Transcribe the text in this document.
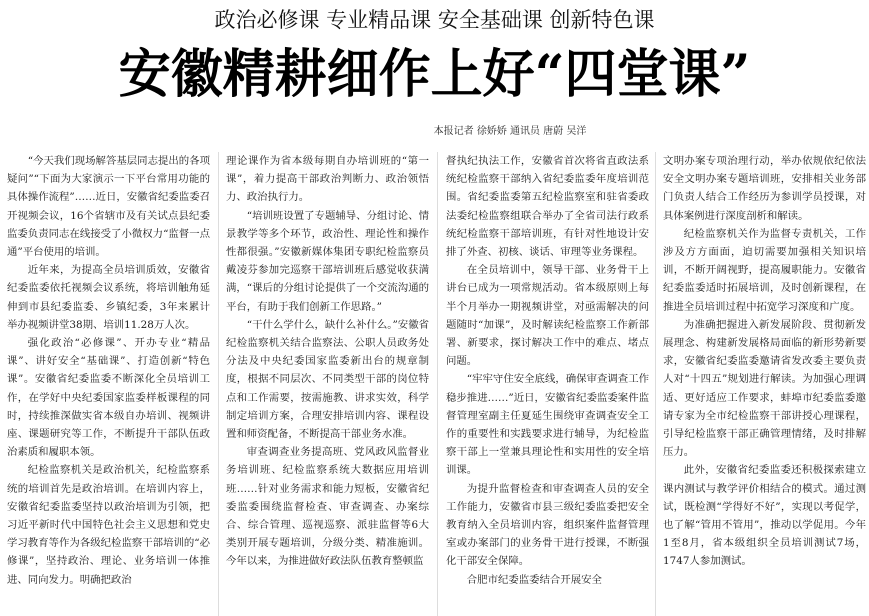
政治必修课 专业精品课 安全基础课 创新特色课
安徽精耕细作上好“四堂课”
本报记者 徐娇娇 通讯员 唐蔚 吴洋

“今天我们现场解答基层同志提出的各项疑问”“下面为大家演示一下平台常用功能的具体操作流程”……近日，安徽省纪委监委召开视频会议，16个省辖市及有关试点县纪委监委负责同志在线接受了小微权力“监督一点通”平台使用的培训。

近年来，为提高全员培训质效，安徽省纪委监委依托视频会议系统，将培训触角延伸到市县纪委监委、乡镇纪委，3年来累计举办视频讲堂38期、培训11.28万人次。

强化政治“必修课”、开办专业“精品课”、讲好安全“基础课”、打造创新“特色课”。安徽省纪委监委不断深化全员培训工作，在学好中央纪委国家监委样板课程的同时，持续推深做实省本级自办培训、视频讲座、课题研究等工作，不断提升干部队伍政治素质和履职本领。

纪检监察机关是政治机关，纪检监察系统的培训首先是政治培训。在培训内容上，安徽省纪委监委坚持以政治培训为引领，把习近平新时代中国特色社会主义思想和党史学习教育等作为各级纪检监察干部培训的“必修课”，坚持政治、理论、业务培训一体推进、同向发力。明确把政治

理论课作为省本级每期自办培训班的“第一课”，着力提高干部政治判断力、政治领悟力、政治执行力。

“培训班设置了专题辅导、分组讨论、情景教学等多个环节，政治性、理论性和操作性都很强。”安徽新媒体集团专职纪检监察员戴凌芬参加完巡察干部培训班后感觉收获满满，“课后的分组讨论提供了一个交流沟通的平台，有助于我们创新工作思路。”

“干什么学什么，缺什么补什么。”安徽省纪检监察机关结合监察法、公职人员政务处分法及中央纪委国家监委新出台的规章制度，根据不同层次、不同类型干部的岗位特点和工作需要，按需施教、讲求实效，科学制定培训方案，合理安排培训内容、课程设置和师资配备，不断提高干部业务水准。

审查调查业务提高班、党风政风监督业务培训班、纪检监察系统大数据应用培训班……针对业务需求和能力短板，安徽省纪委监委围绕监督检查、审查调查、办案综合、综合管理、巡视巡察、派驻监督等6大类别开展专题培训，分级分类、精准施训。今年以来，为推进做好政法队伍教育整顿监

督执纪执法工作，安徽省首次将省直政法系统纪检监察干部纳入省纪委监委年度培训范围。省纪委监委第五纪检监察室和驻省委政法委纪检监察组联合举办了全省司法行政系统纪检监察干部培训班，有针对性地设计安排了外查、初核、谈话、审理等业务课程。

在全员培训中，领导干部、业务骨干上讲台已成为一项常规活动。省本级原则上每半个月举办一期视频讲堂，对亟需解决的问题随时“加课”，及时解读纪检监察工作新部署、新要求，探讨解决工作中的难点、堵点问题。

“牢牢守住安全底线，确保审查调查工作稳步推进……”近日，安徽省纪委监委案件监督管理室副主任夏延生围绕审查调查安全工作的重要性和实践要求进行辅导，为纪检监察干部上一堂兼具理论性和实用性的安全培训课。

为提升监督检查和审查调查人员的安全工作能力，安徽省市县三级纪委监委把安全教育纳入全员培训内容，组织案件监督管理室或办案部门的业务骨干进行授课，不断强化干部安全保障。

合肥市纪委监委结合开展安全

文明办案专项治理行动，举办依规依纪依法安全文明办案专题培训班，安排相关业务部门负责人结合工作经历为参训学员授课，对具体案例进行深度剖析和解读。

纪检监察机关作为监督专责机关，工作涉及方方面面，迫切需要加强相关知识培训，不断开阔视野，提高履职能力。安徽省纪委监委适时拓展培训，及时创新课程，在推进全员培训过程中拓宽学习深度和广度。

为准确把握进入新发展阶段、贯彻新发展理念、构建新发展格局面临的新形势新要求，安徽省纪委监委邀请省发改委主要负责人对“十四五”规划进行解读。为加强心理调适、更好适应工作要求，蚌埠市纪委监委邀请专家为全市纪检监察干部讲授心理课程，引导纪检监察干部正确管理情绪，及时排解压力。

此外，安徽省纪委监委还积极探索建立课内测试与教学评价相结合的模式。通过测试，既检测“学得好不好”，实现以考促学，也了解“管用不管用”，推动以学促用。今年1至8月，省本级组织全员培训测试7场，1747人参加测试。
